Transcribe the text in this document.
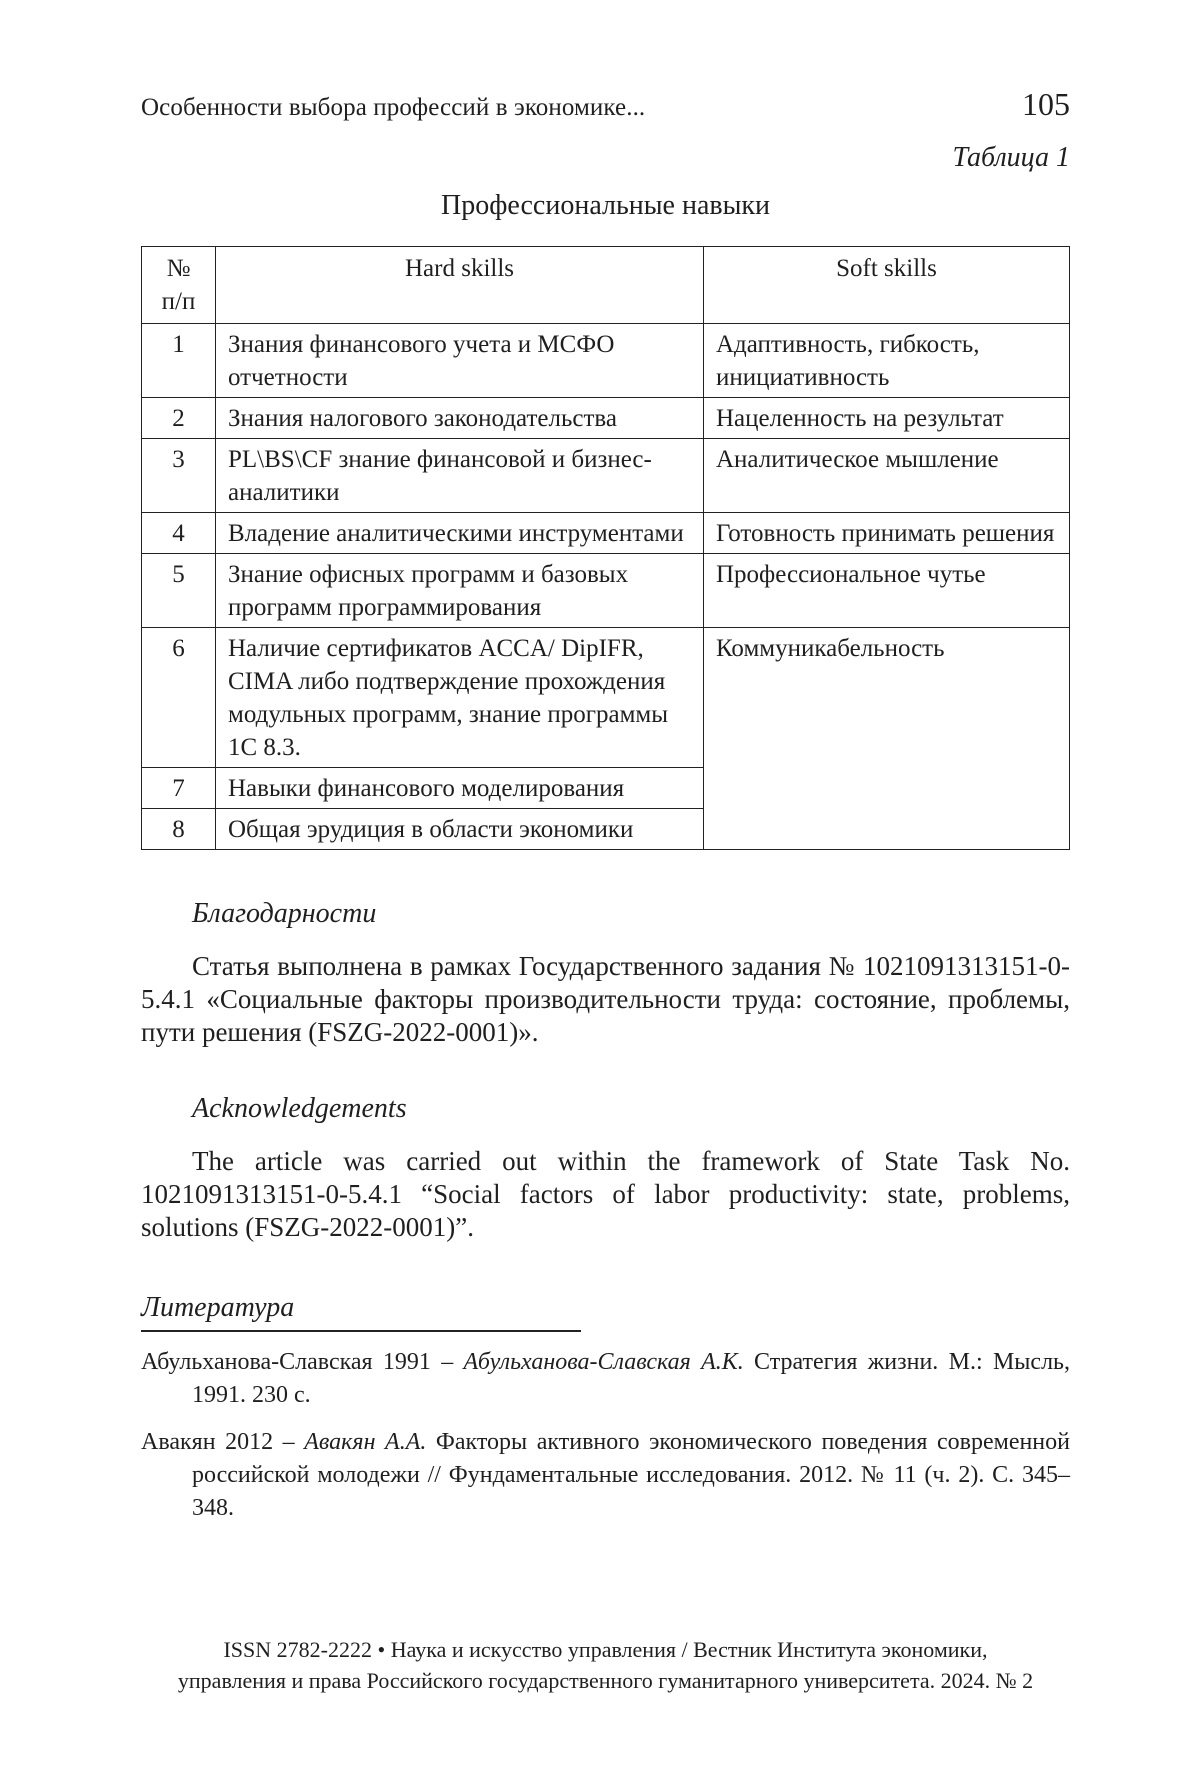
Особенности выбора профессий в экономике...	105
Таблица 1
Профессиональные навыки
№ п/п	Hard skills	Soft skills
1	Знания финансового учета и МСФО отчетности	Адаптивность, гибкость, инициативность
2	Знания налогового законодательства	Нацеленность на результат
3	PL\BS\CF знание финансовой и бизнес-аналитики	Аналитическое мышление
4	Владение аналитическими инструментами	Готовность принимать решения
5	Знание офисных программ и базовых программ программирования	Профессиональное чутье
6	Наличие сертификатов ACCA/ DipIFR, CIMA либо подтверждение прохождения модульных программ, знание программы 1С 8.3.	Коммуникабельность
7	Навыки финансового моделирования	
8	Общая эрудиция в области экономики	
Благодарности

Статья выполнена в рамках Государственного задания № 1021091313151-0-5.4.1 «Социальные факторы производительности труда: состояние, проблемы, пути решения (FSZG-2022-0001)».

Acknowledgements

The article was carried out within the framework of State Task No. 1021091313151-0-5.4.1 “Social factors of labor productivity: state, problems, solutions (FSZG-2022-0001)”.

Литература
Абульханова-Славская 1991 – Абульханова-Славская А.К. Стратегия жизни. М.: Мысль, 1991. 230 с.
Авакян 2012 – Авакян А.А. Факторы активного экономического поведения современной российской молодежи // Фундаментальные исследования. 2012. № 11 (ч. 2). С. 345–348.
ISSN 2782-2222 • Наука и искусство управления / Вестник Института экономики,
управления и права Российского государственного гуманитарного университета. 2024. № 2
